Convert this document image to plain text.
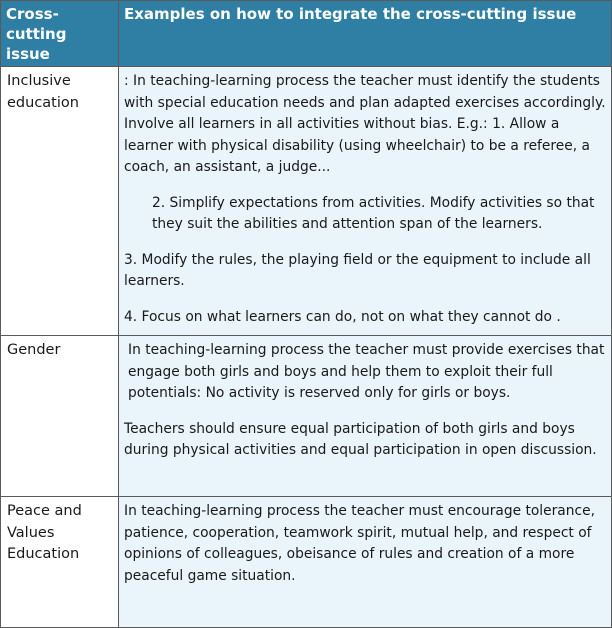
Cross-cutting issue	Examples on how to integrate the cross-cutting issue
Inclusive education	: In teaching-learning process the teacher must identify the students with special education needs and plan adapted exercises accordingly. Involve all learners in all activities without bias. E.g.: 1. Allow a learner with physical disability (using wheelchair) to be a referee, a coach, an assistant, a judge...

2. Simplify expectations from activities. Modify activities so that they suit the abilities and attention span of the learners.

3. Modify the rules, the playing field or the equipment to include all learners.

4. Focus on what learners can do, not on what they cannot do .

Gender	In teaching-learning process the teacher must provide exercises that engage both girls and boys and help them to exploit their full potentials: No activity is reserved only for girls or boys.

Teachers should ensure equal participation of both girls and boys during physical activities and equal participation in open discussion.

Peace and Values Education	In teaching-learning process the teacher must encourage tolerance, patience, cooperation, teamwork spirit, mutual help, and respect of opinions of colleagues, obeisance of rules and creation of a more peaceful game situation.
